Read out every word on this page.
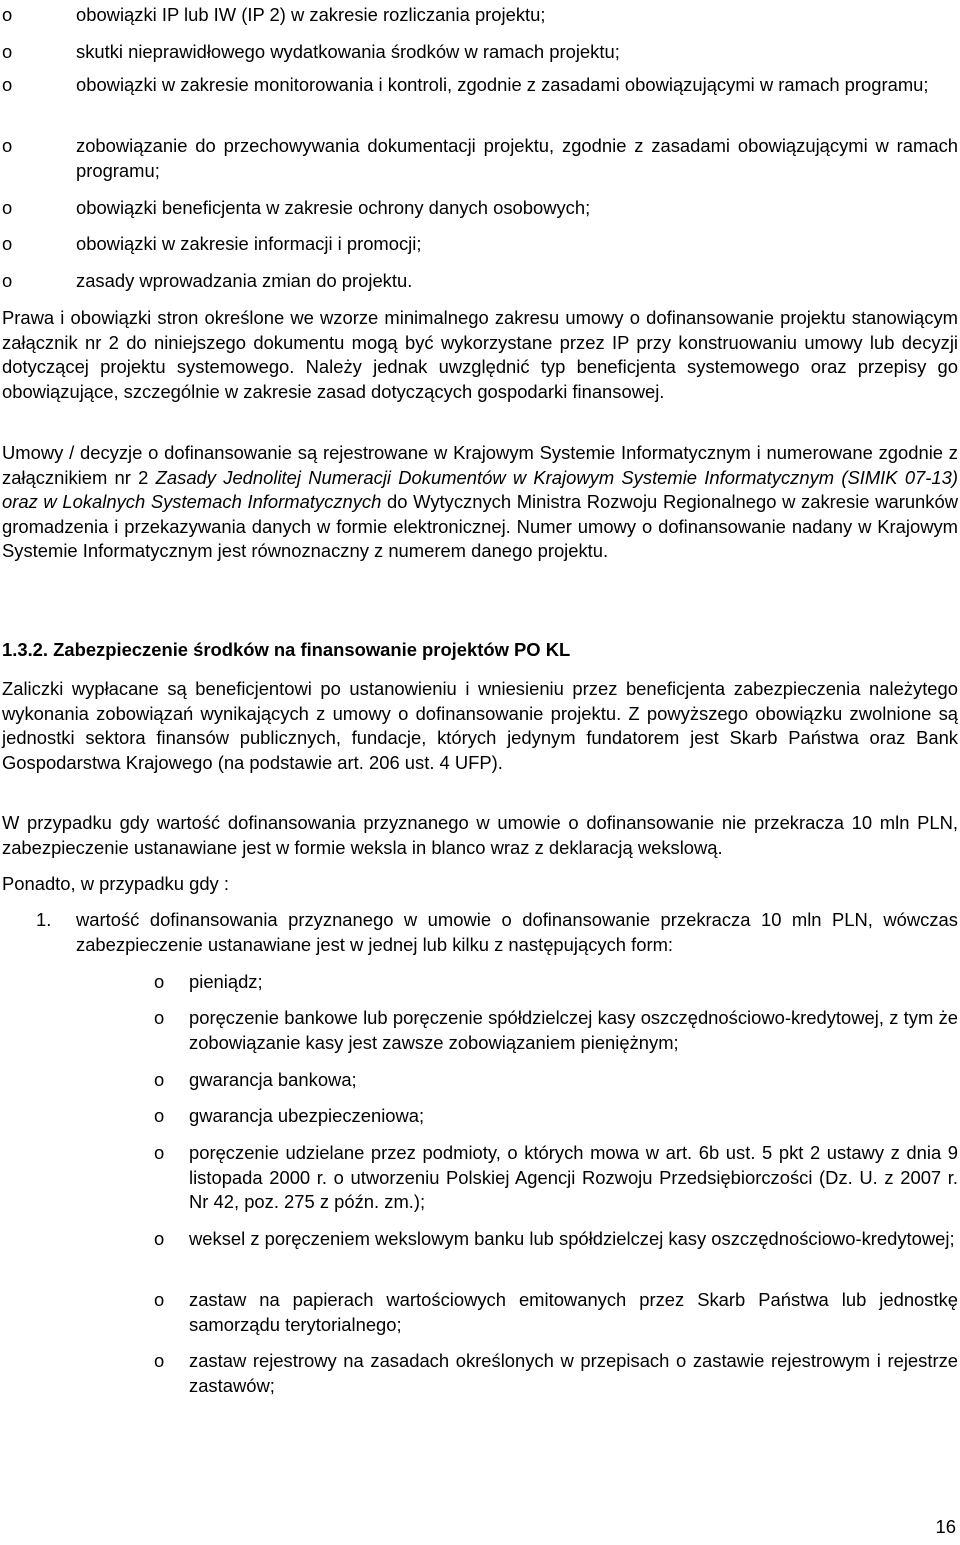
o	obowiązki IP lub IW (IP 2) w zakresie rozliczania projektu;
o	skutki nieprawidłowego wydatkowania środków w ramach projektu;
o	obowiązki w zakresie monitorowania i kontroli, zgodnie z zasadami obowiązującymi w ramach programu;
o	zobowiązanie do przechowywania dokumentacji projektu, zgodnie z zasadami obowiązującymi w ramach programu;
o	obowiązki beneficjenta w zakresie ochrony danych osobowych;
o	obowiązki w zakresie informacji i promocji;
o	zasady wprowadzania zmian do projektu.
Prawa i obowiązki stron określone we wzorze minimalnego zakresu umowy o dofinansowanie projektu stanowiącym załącznik nr 2 do niniejszego dokumentu mogą być wykorzystane przez IP przy konstruowaniu umowy lub decyzji dotyczącej projektu systemowego. Należy jednak uwzględnić typ beneficjenta systemowego oraz przepisy go obowiązujące, szczególnie w zakresie zasad dotyczących gospodarki finansowej.
Umowy / decyzje o dofinansowanie są rejestrowane w Krajowym Systemie Informatycznym i numerowane zgodnie z załącznikiem nr 2 Zasady Jednolitej Numeracji Dokumentów w Krajowym Systemie Informatycznym (SIMIK 07-13) oraz w Lokalnych Systemach Informatycznych do Wytycznych Ministra Rozwoju Regionalnego w zakresie warunków gromadzenia i przekazywania danych w formie elektronicznej. Numer umowy o dofinansowanie nadany w Krajowym Systemie Informatycznym jest równoznaczny z numerem danego projektu.
1.3.2. Zabezpieczenie środków na finansowanie projektów PO KL
Zaliczki wypłacane są beneficjentowi po ustanowieniu i wniesieniu przez beneficjenta zabezpieczenia należytego wykonania zobowiązań wynikających z umowy o dofinansowanie projektu. Z powyższego obowiązku zwolnione są jednostki sektora finansów publicznych, fundacje, których jedynym fundatorem jest Skarb Państwa oraz Bank Gospodarstwa Krajowego (na podstawie art. 206 ust. 4 UFP).
W przypadku gdy wartość dofinansowania przyznanego w umowie o dofinansowanie nie przekracza 10 mln PLN, zabezpieczenie ustanawiane jest w formie weksla in blanco wraz z deklaracją wekslową.
Ponadto, w przypadku gdy :
1. wartość dofinansowania przyznanego w umowie o dofinansowanie przekracza 10 mln PLN, wówczas zabezpieczenie ustanawiane jest w jednej lub kilku z następujących form:
o pieniądz;
o poręczenie bankowe lub poręczenie spółdzielczej kasy oszczędnościowo-kredytowej, z tym że zobowiązanie kasy jest zawsze zobowiązaniem pieniężnym;
o gwarancja bankowa;
o gwarancja ubezpieczeniowa;
o poręczenie udzielane przez podmioty, o których mowa w art. 6b ust. 5 pkt 2 ustawy z dnia 9 listopada 2000 r. o utworzeniu Polskiej Agencji Rozwoju Przedsiębiorczości (Dz. U. z 2007 r. Nr 42, poz. 275 z późn. zm.);
o weksel z poręczeniem wekslowym banku lub spółdzielczej kasy oszczędnościowo-kredytowej;
o zastaw na papierach wartościowych emitowanych przez Skarb Państwa lub jednostkę samorządu terytorialnego;
o zastaw rejestrowy na zasadach określonych w przepisach o zastawie rejestrowym i rejestrze zastawów;
16
